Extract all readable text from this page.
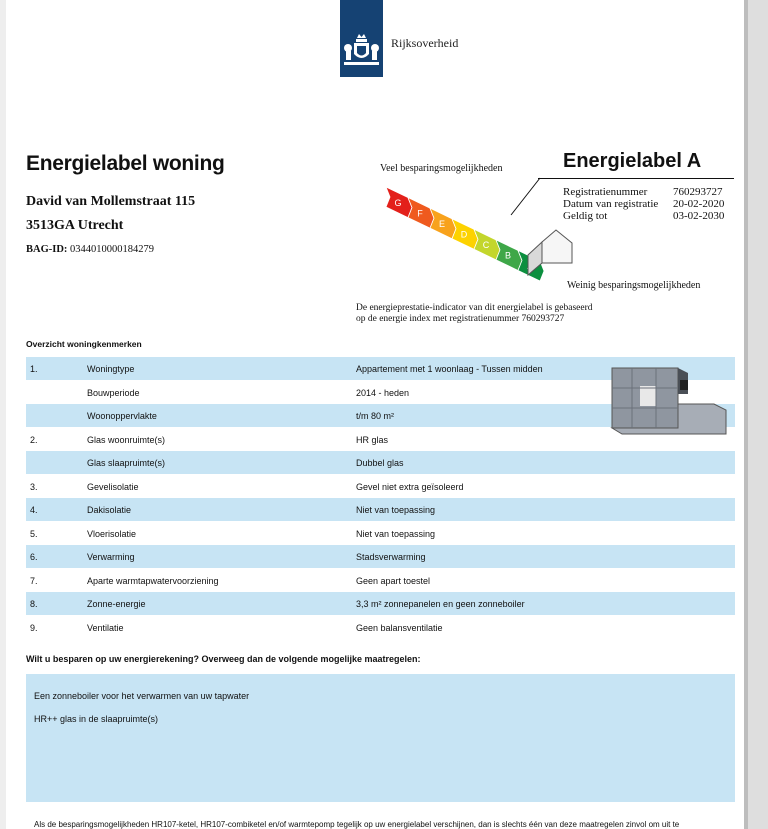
Rijksoverheid
Energielabel woning
David van Mollemstraat 115
3513GA Utrecht
BAG-ID: 0344010000184279
Veel besparingsmogelijkheden
Weinig besparingsmogelijkheden
G
F
E
D
C
B
Energielabel A
Registratienummer 760293727
Datum van registratie 20-02-2020
Geldig tot	03-02-2030
De energieprestatie-indicator van dit energielabel is gebaseerd
op de energie index met registratienummer 760293727
Overzicht woningkenmerken
1.	Woningtype	Appartement met 1 woonlaag - Tussen midden
Bouwperiode	2014 - heden
Woonoppervlakte	t/m 80 m²
2.	Glas woonruimte(s)	HR glas
Glas slaapruimte(s)	Dubbel glas
3.	Gevelisolatie	Gevel niet extra geïsoleerd
4.	Dakisolatie	Niet van toepassing
5.	Vloerisolatie	Niet van toepassing
6.	Verwarming	Stadsverwarming
7.	Aparte warmtapwatervoorziening	Geen apart toestel
8.	Zonne-energie	3,3 m² zonnepanelen en geen zonneboiler
9.	Ventilatie	Geen balansventilatie
Wilt u besparen op uw energierekening? Overweeg dan de volgende mogelijke maatregelen:
Een zonneboiler voor het verwarmen van uw tapwater
HR++ glas in de slaapruimte(s)
Als de besparingsmogelijkheden HR107-ketel, HR107-combiketel en/of warmtepomp tegelijk op uw energielabel verschijnen, dan is slechts één van deze maatregelen zinvol om uit te
